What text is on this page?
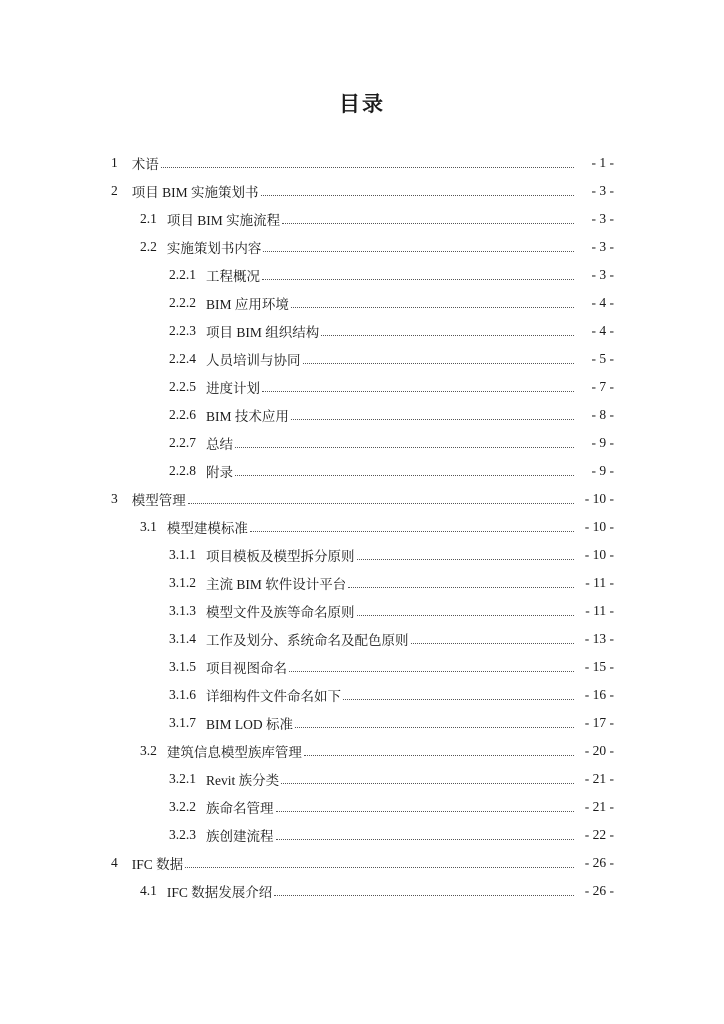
目录
1	术语	- 1 -
2	项目 BIM 实施策划书	- 3 -
2.1 项目 BIM 实施流程	- 3 -
2.2 实施策划书内容	- 3 -
2.2.1 工程概况	- 3 -
2.2.2 BIM 应用环境	- 4 -
2.2.3 项目 BIM 组织结构	- 4 -
2.2.4 人员培训与协同	- 5 -
2.2.5 进度计划	- 7 -
2.2.6 BIM 技术应用	- 8 -
2.2.7 总结	- 9 -
2.2.8 附录	- 9 -
3	模型管理	- 10 -
3.1 模型建模标准	- 10 -
3.1.1 项目模板及模型拆分原则	- 10 -
3.1.2 主流 BIM 软件设计平台	- 11 -
3.1.3 模型文件及族等命名原则	- 11 -
3.1.4 工作及划分、系统命名及配色原则	- 13 -
3.1.5 项目视图命名	- 15 -
3.1.6 详细构件文件命名如下	- 16 -
3.1.7 BIM LOD 标准	- 17 -
3.2 建筑信息模型族库管理	- 20 -
3.2.1 Revit 族分类	- 21 -
3.2.2 族命名管理	- 21 -
3.2.3 族创建流程	- 22 -
4	IFC 数据	- 26 -
4.1 IFC 数据发展介绍	- 26 -
